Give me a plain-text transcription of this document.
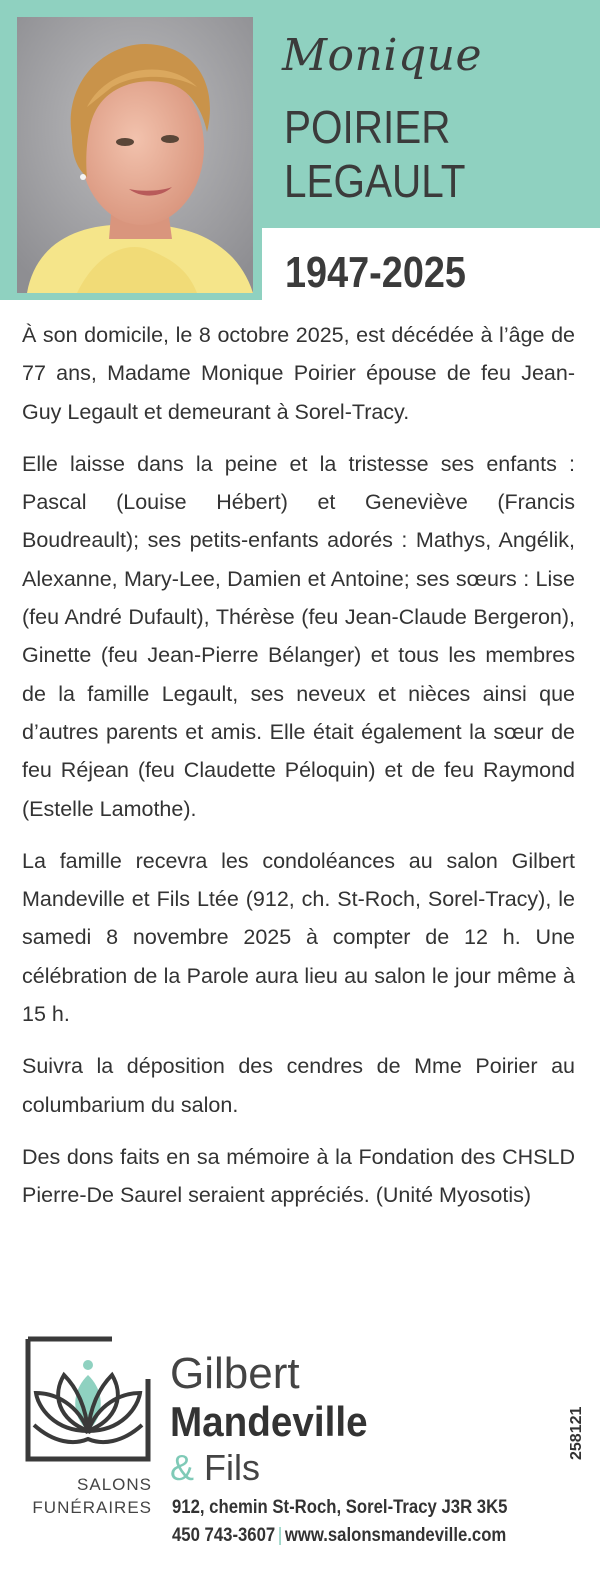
Monique
POIRIER
LEGAULT
1947-2025

À son domicile, le 8 octobre 2025, est décédée à l’âge de 77 ans, Madame Monique Poirier épouse de feu Jean-Guy Legault et demeurant à Sorel-Tracy.

Elle laisse dans la peine et la tristesse ses enfants : Pascal (Louise Hébert) et Geneviève (Francis Boudreault); ses petits-enfants adorés : Mathys, Angélik, Alexanne, Mary-Lee, Damien et Antoine; ses sœurs : Lise (feu André Dufault), Thérèse (feu Jean-Claude Bergeron), Ginette (feu Jean-Pierre Bélanger) et tous les membres de la famille Legault, ses neveux et nièces ainsi que d’autres parents et amis. Elle était également la sœur de feu Réjean (feu Claudette Péloquin) et de feu Raymond (Estelle Lamothe).

La famille recevra les condoléances au salon Gilbert Mandeville et Fils Ltée (912, ch. St-Roch, Sorel-Tracy), le samedi 8 novembre 2025 à compter de 12 h. Une célébration de la Parole aura lieu au salon le jour même à 15 h.

Suivra la déposition des cendres de Mme Poirier au columbarium du salon.

Des dons faits en sa mémoire à la Fondation des CHSLD Pierre-De Saurel seraient appréciés. (Unité Myosotis)

SALONS
FUNÉRAIRES
Gilbert
Mandeville
& Fils
912, chemin St-Roch, Sorel-Tracy J3R 3K5
450 743-3607 | www.salonsmandeville.com
258121
